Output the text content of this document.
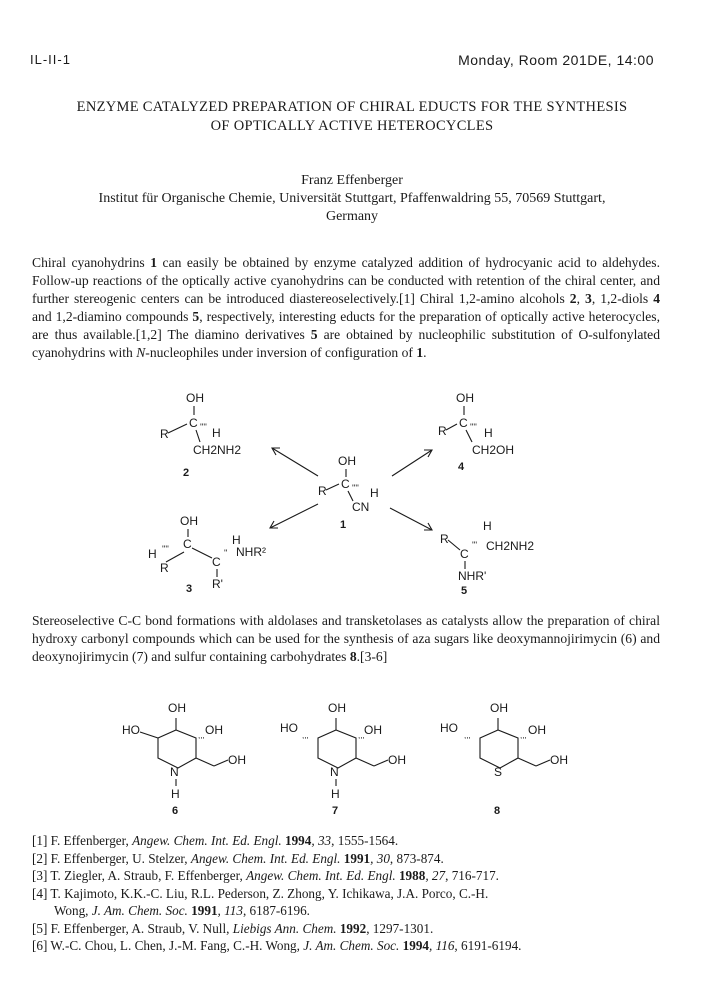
IL-II-1	Monday, Room 201DE, 14:00
ENZYME CATALYZED PREPARATION OF CHIRAL EDUCTS FOR THE SYNTHESIS
OF OPTICALLY ACTIVE HETEROCYCLES
Franz Effenberger
Institut für Organische Chemie, Universität Stuttgart, Pfaffenwaldring 55, 70569 Stuttgart,
Germany
Chiral cyanohydrins 1 can easily be obtained by enzyme catalyzed addition of hydrocyanic acid to aldehydes. Follow-up reactions of the optically active cyanohydrins can be conducted with retention of the chiral center, and further stereogenic centers can be introduced diastereoselectively.[1] Chiral 1,2-amino alcohols 2, 3, 1,2-diols 4 and 1,2-diamino compounds 5, respectively, interesting educts for the preparation of optically active heterocycles, are thus available.[1,2] The diamino derivatives 5 are obtained by nucleophilic substitution of O-sulfonylated cyanohydrins with N-nucleophiles under inversion of configuration of 1.
OH
C
R	'''' H
CH2NH2
2
OH
C
R	'''' H
CH2OH
4
OH
C
R	'''' H
CN
1
OH
C
H ''''
R	C
H
'' NHR²
R'
3
H
R
C
''' CH2NH2
NHR'
5
Stereoselective C-C bond formations with aldolases and transketolases as catalysts allow the preparation of chiral hydroxy carbonyl compounds which can be used for the synthesis of aza sugars like deoxymannojirimycin (6) and deoxynojirimycin (7) and sulfur containing carbohydrates 8.[3-6]
OH
HO	OH
,,,
OH
N
H
6
OH
HO
,,,	OH
,,,
OH
N
H
7
OH
HO
,,,	OH
,,,
OH
S
8
[1] F. Effenberger, Angew. Chem. Int. Ed. Engl. 1994, 33, 1555-1564.
[2] F. Effenberger, U. Stelzer, Angew. Chem. Int. Ed. Engl. 1991, 30, 873-874.
[3] T. Ziegler, A. Straub, F. Effenberger, Angew. Chem. Int. Ed. Engl. 1988, 27, 716-717.
[4] T. Kajimoto, K.K.-C. Liu, R.L. Pederson, Z. Zhong, Y. Ichikawa, J.A. Porco, C.-H.
Wong, J. Am. Chem. Soc. 1991, 113, 6187-6196.
[5] F. Effenberger, A. Straub, V. Null, Liebigs Ann. Chem. 1992, 1297-1301.
[6] W.-C. Chou, L. Chen, J.-M. Fang, C.-H. Wong, J. Am. Chem. Soc. 1994, 116, 6191-6194.
